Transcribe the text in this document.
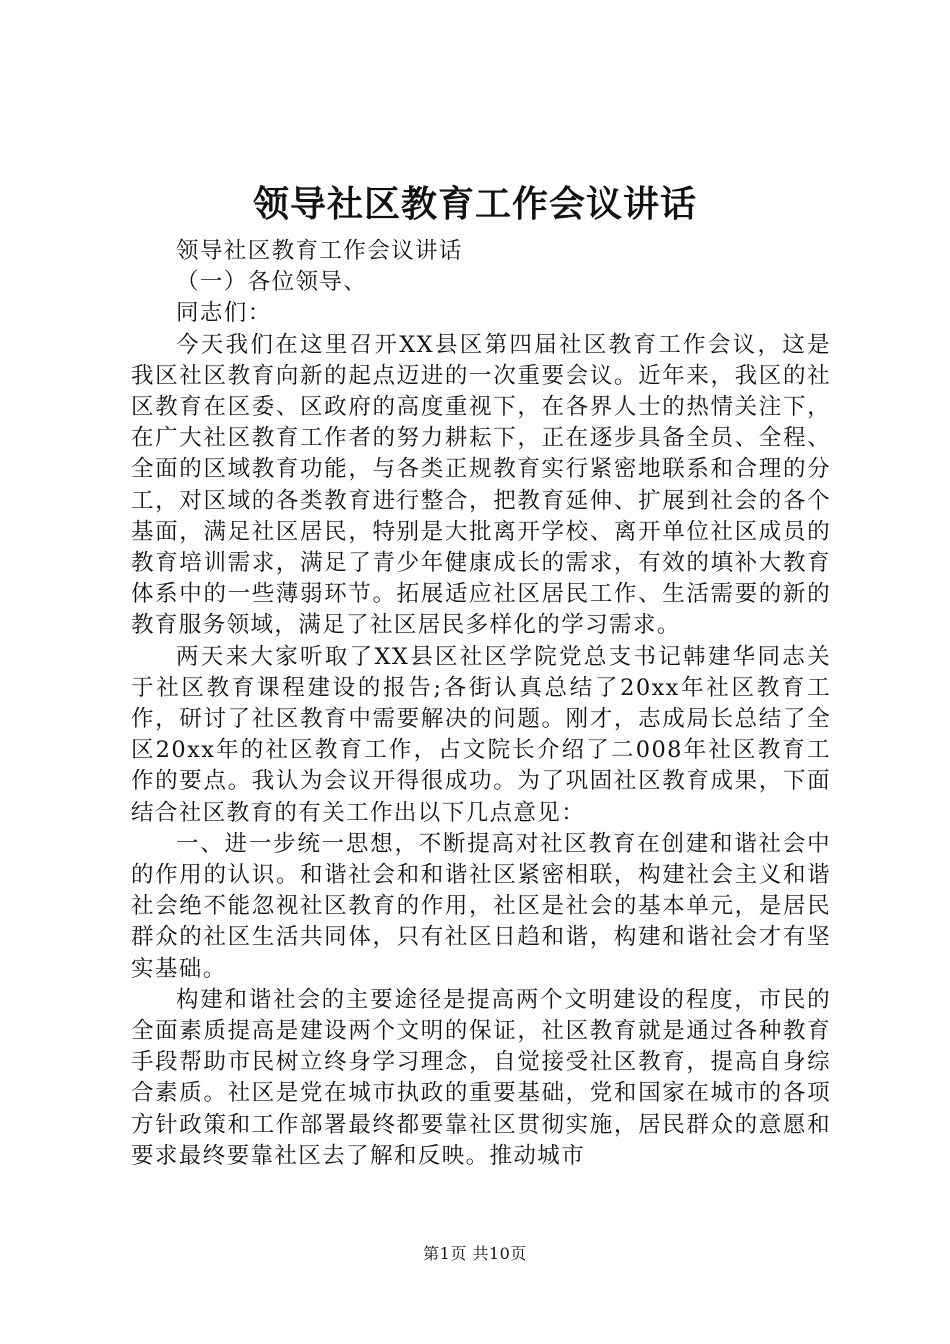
领导社区教育工作会议讲话

领导社区教育工作会议讲话

（一）各位领导、

同志们：

今天我们在这里召开XX县区第四届社区教育工作会议，这是我区社区教育向新的起点迈进的一次重要会议。近年来，我区的社区教育在区委、区政府的高度重视下，在各界人士的热情关注下，在广大社区教育工作者的努力耕耘下，正在逐步具备全员、全程、全面的区域教育功能，与各类正规教育实行紧密地联系和合理的分工，对区域的各类教育进行整合，把教育延伸、扩展到社会的各个基面，满足社区居民，特别是大批离开学校、离开单位社区成员的教育培训需求，满足了青少年健康成长的需求，有效的填补大教育体系中的一些薄弱环节。拓展适应社区居民工作、生活需要的新的教育服务领域，满足了社区居民多样化的学习需求。

两天来大家听取了XX县区社区学院党总支书记韩建华同志关于社区教育课程建设的报告;各街认真总结了20xx年社区教育工作，研讨了社区教育中需要解决的问题。刚才，志成局长总结了全区20xx年的社区教育工作，占文院长介绍了二008年社区教育工作的要点。我认为会议开得很成功。为了巩固社区教育成果，下面结合社区教育的有关工作出以下几点意见：

一、进一步统一思想，不断提高对社区教育在创建和谐社会中的作用的认识。和谐社会和和谐社区紧密相联，构建社会主义和谐社会绝不能忽视社区教育的作用，社区是社会的基本单元，是居民群众的社区生活共同体，只有社区日趋和谐，构建和谐社会才有坚实基础。

构建和谐社会的主要途径是提高两个文明建设的程度，市民的全面素质提高是建设两个文明的保证，社区教育就是通过各种教育手段帮助市民树立终身学习理念，自觉接受社区教育，提高自身综合素质。社区是党在城市执政的重要基础，党和国家在城市的各项方针政策和工作部署最终都要靠社区贯彻实施，居民群众的意愿和要求最终要靠社区去了解和反映。推动城市

第1页 共10页
